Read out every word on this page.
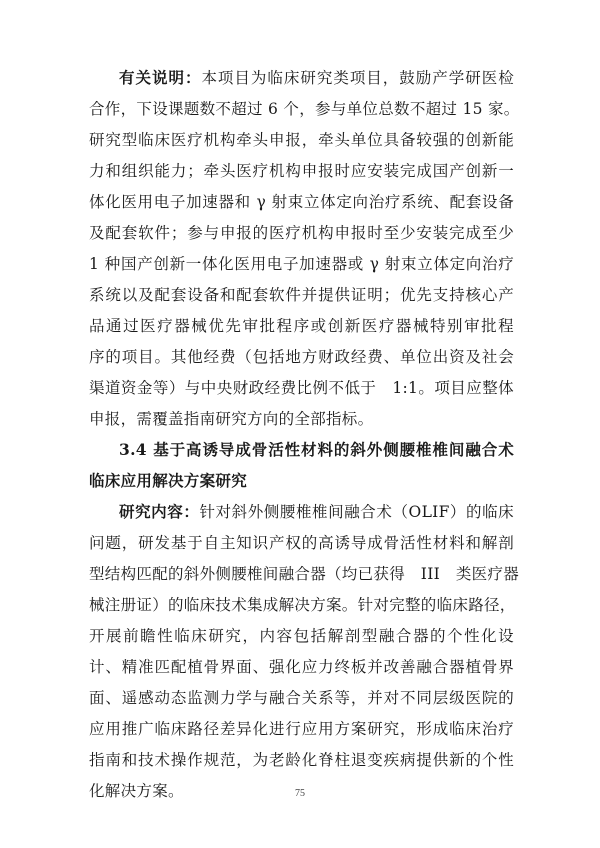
有关说明：本项目为临床研究类项目，鼓励产学研医检
合作，下设课题数不超过 6 个，参与单位总数不超过 15 家。
研究型临床医疗机构牵头申报，牵头单位具备较强的创新能
力和组织能力；牵头医疗机构申报时应安装完成国产创新一
体化医用电子加速器和 γ 射束立体定向治疗系统、配套设备
及配套软件；参与申报的医疗机构申报时至少安装完成至少
1 种国产创新一体化医用电子加速器或 γ 射束立体定向治疗
系统以及配套设备和配套软件并提供证明；优先支持核心产
品通过医疗器械优先审批程序或创新医疗器械特别审批程
序的项目。其他经费（包括地方财政经费、单位出资及社会
渠道资金等）与中央财政经费比例不低于　1:1。项目应整体
申报，需覆盖指南研究方向的全部指标。
3.4 基于高诱导成骨活性材料的斜外侧腰椎椎间融合术
临床应用解决方案研究
研究内容：针对斜外侧腰椎椎间融合术（OLIF）的临床
问题，研发基于自主知识产权的高诱导成骨活性材料和解剖
型结构匹配的斜外侧腰椎间融合器（均已获得　III　类医疗器
械注册证）的临床技术集成解决方案。针对完整的临床路径，
开展前瞻性临床研究，内容包括解剖型融合器的个性化设
计、精准匹配植骨界面、强化应力终板并改善融合器植骨界
面、遥感动态监测力学与融合关系等，并对不同层级医院的
应用推广临床路径差异化进行应用方案研究，形成临床治疗
指南和技术操作规范，为老龄化脊柱退变疾病提供新的个性
化解决方案。	75
